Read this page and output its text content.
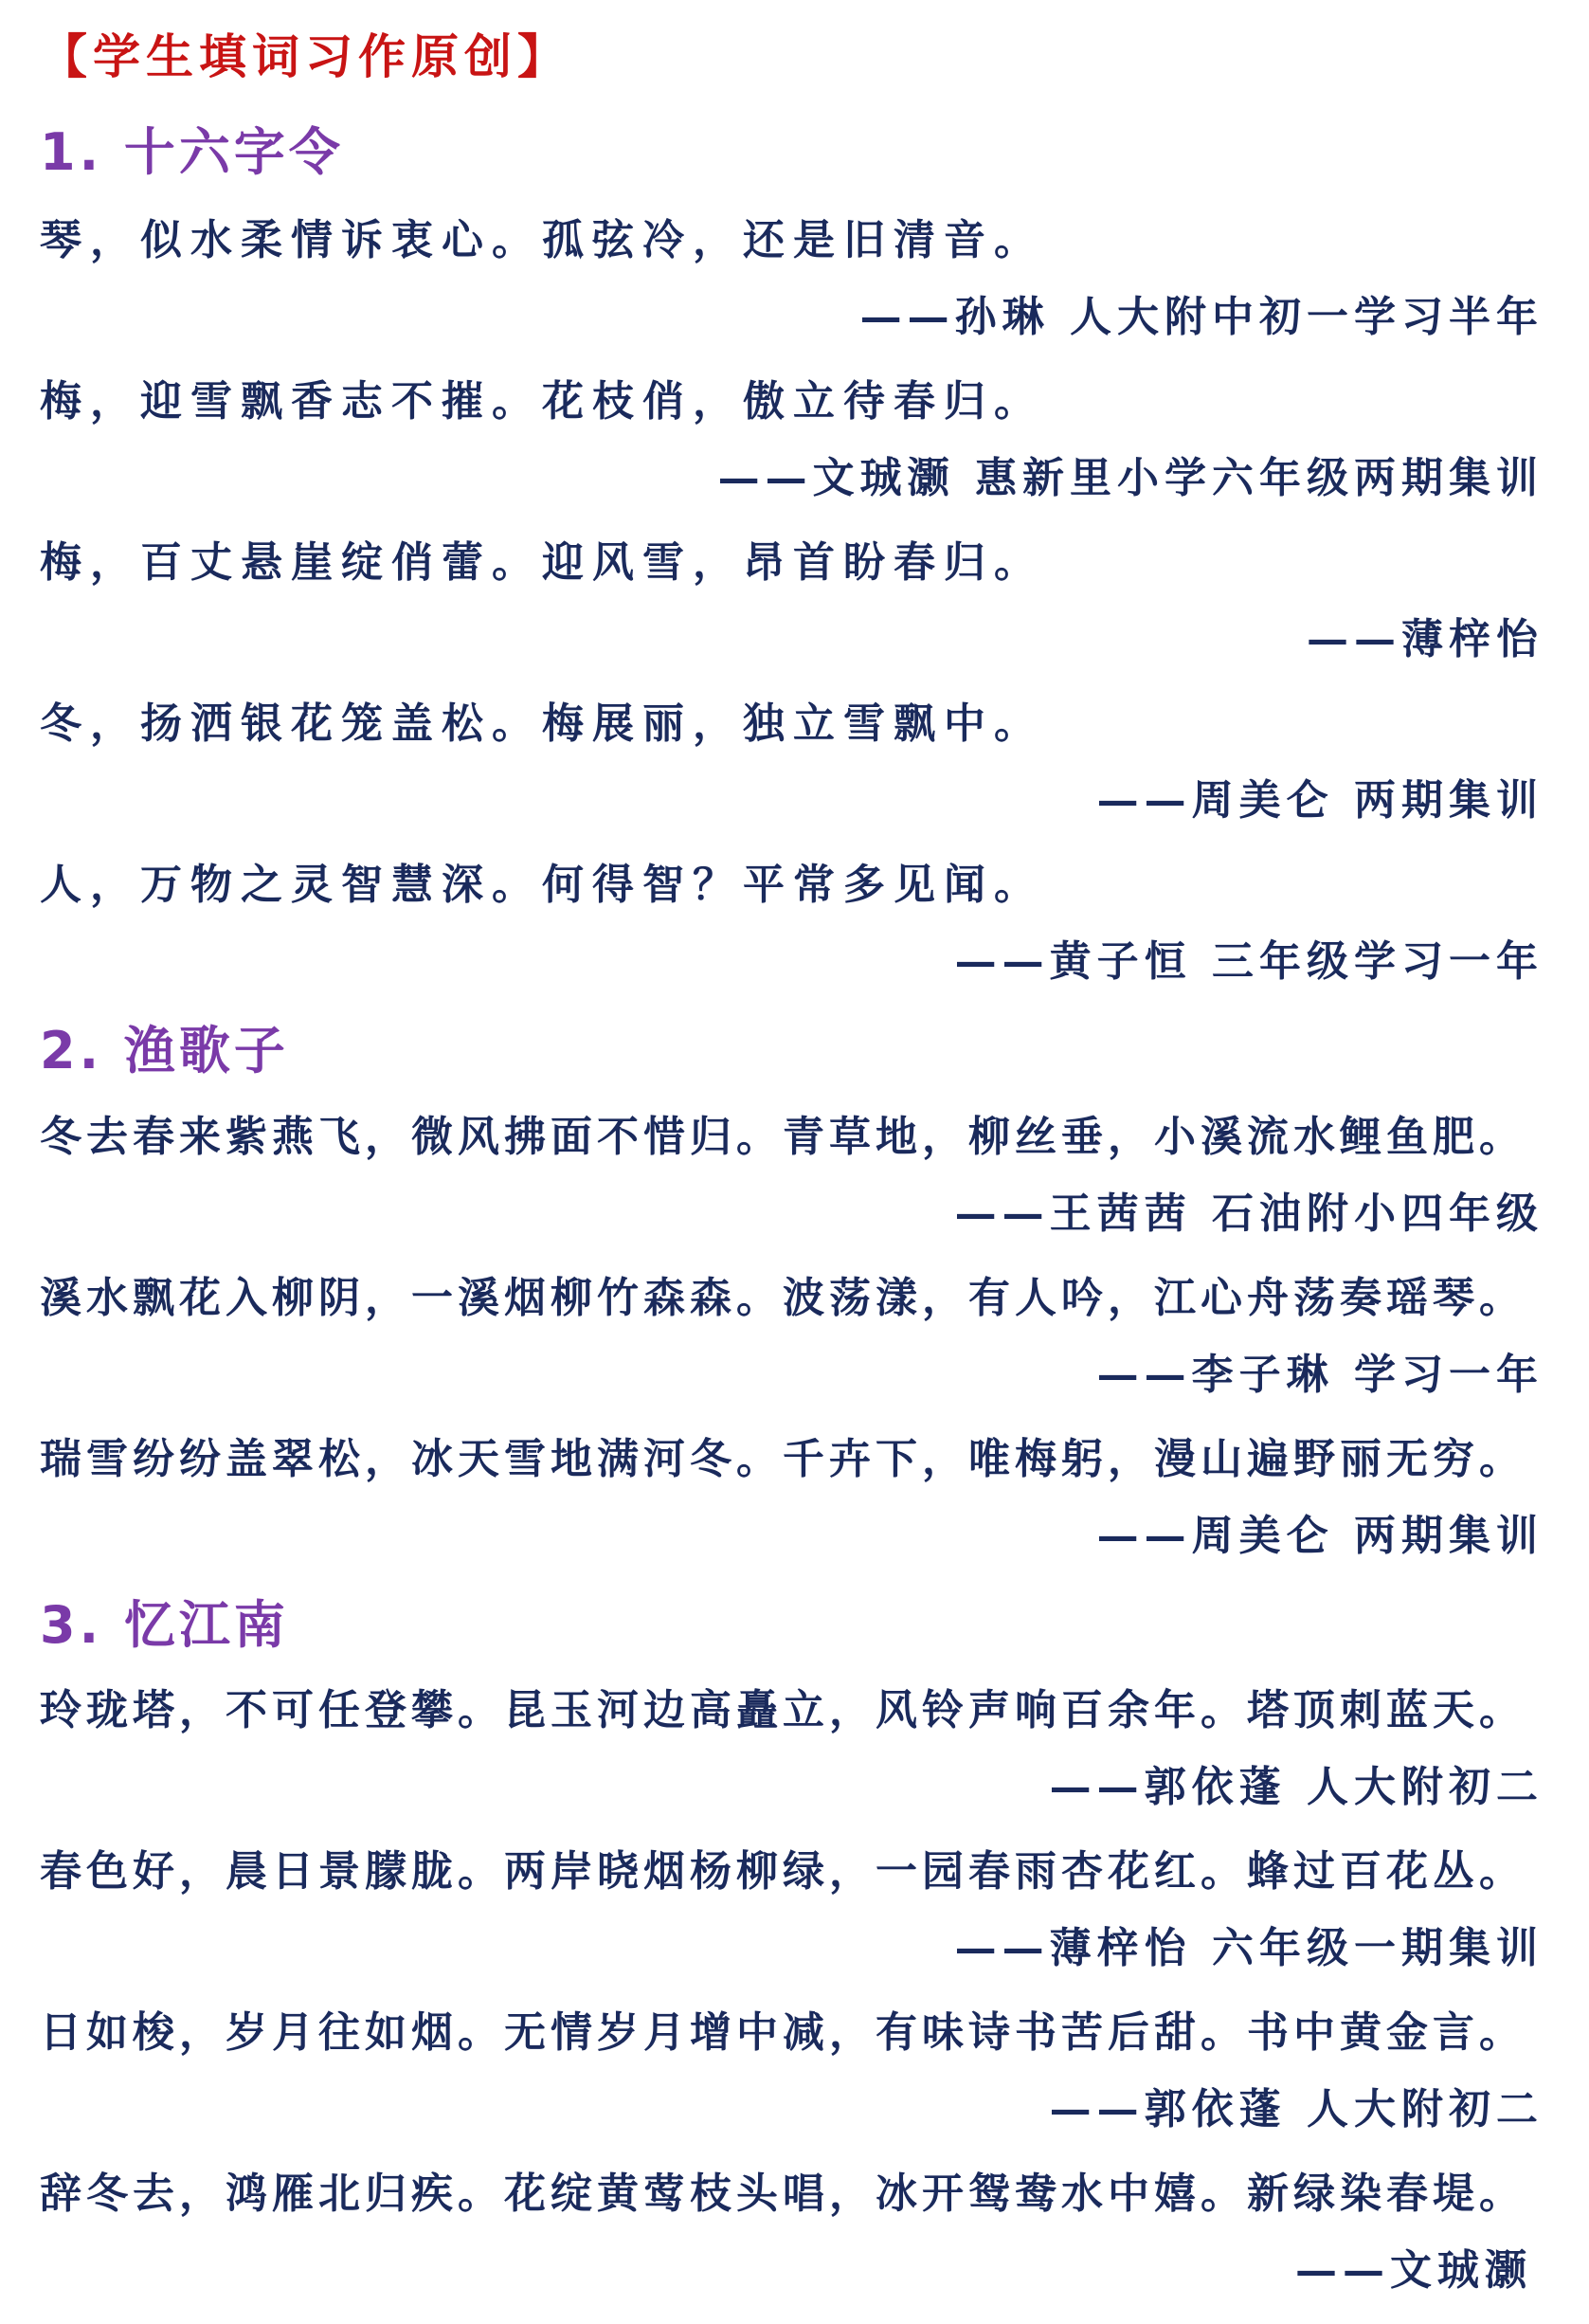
【学生填词习作原创】
1. 十六字令
琴，似水柔情诉衷心。孤弦冷，还是旧清音。
——孙琳 人大附中初一学习半年
梅，迎雪飘香志不摧。花枝俏，傲立待春归。
——文珹灏 惠新里小学六年级两期集训
梅，百丈悬崖绽俏蕾。迎风雪，昂首盼春归。
——薄梓怡
冬，扬洒银花笼盖松。梅展丽，独立雪飘中。
——周美仑 两期集训
人，万物之灵智慧深。何得智？平常多见闻。
——黄子恒 三年级学习一年
2. 渔歌子
冬去春来紫燕飞，微风拂面不惜归。青草地，柳丝垂，小溪流水鲤鱼肥。
——王茜茜 石油附小四年级
溪水飘花入柳阴，一溪烟柳竹森森。波荡漾，有人吟，江心舟荡奏瑶琴。
——李子琳 学习一年
瑞雪纷纷盖翠松，冰天雪地满河冬。千卉下，唯梅躬，漫山遍野丽无穷。
——周美仑 两期集训
3. 忆江南
玲珑塔，不可任登攀。昆玉河边高矗立，风铃声响百余年。塔顶刺蓝天。
——郭依蓬 人大附初二
春色好，晨日景朦胧。两岸晓烟杨柳绿，一园春雨杏花红。蜂过百花丛。
——薄梓怡 六年级一期集训
日如梭，岁月往如烟。无情岁月增中减，有味诗书苦后甜。书中黄金言。
——郭依蓬 人大附初二
辞冬去，鸿雁北归疾。花绽黄莺枝头唱，冰开鸳鸯水中嬉。新绿染春堤。
——文珹灏
